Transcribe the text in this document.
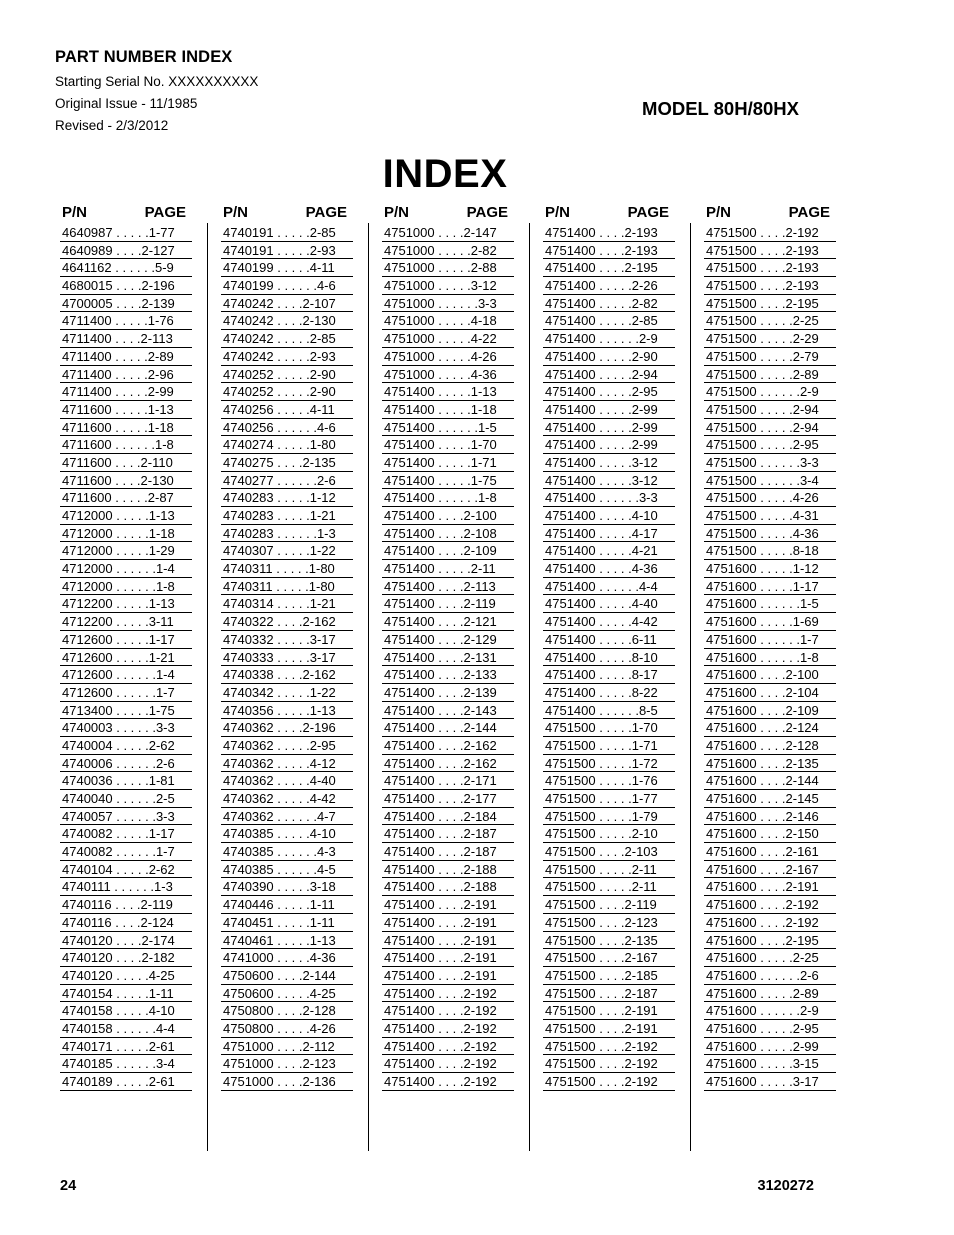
PART NUMBER INDEX
Starting Serial No. XXXXXXXXXX
Original Issue - 11/1985
Revised - 2/3/2012
MODEL 80H/80HX
INDEX
P/N	PAGE
4640987 . . . . .1-77
4640989 . . . .2-127
4641162 . . . . . .5-9
4680015 . . . .2-196
4700005 . . . .2-139
4711400 . . . . .1-76
4711400 . . . .2-113
4711400 . . . . .2-89
4711400 . . . . .2-96
4711400 . . . . .2-99
4711600 . . . . .1-13
4711600 . . . . .1-18
4711600 . . . . . .1-8
4711600 . . . .2-110
4711600 . . . .2-130
4711600 . . . . .2-87
4712000 . . . . .1-13
4712000 . . . . .1-18
4712000 . . . . .1-29
4712000 . . . . . .1-4
4712000 . . . . . .1-8
4712200 . . . . .1-13
4712200 . . . . .3-11
4712600 . . . . .1-17
4712600 . . . . .1-21
4712600 . . . . . .1-4
4712600 . . . . . .1-7
4713400 . . . . .1-75
4740003 . . . . . .3-3
4740004 . . . . .2-62
4740006 . . . . . .2-6
4740036 . . . . .1-81
4740040 . . . . . .2-5
4740057 . . . . . .3-3
4740082 . . . . .1-17
4740082 . . . . . .1-7
4740104 . . . . .2-62
4740111 . . . . . .1-3
4740116 . . . .2-119
4740116 . . . .2-124
4740120 . . . .2-174
4740120 . . . .2-182
4740120 . . . . .4-25
4740154 . . . . .1-11
4740158 . . . . .4-10
4740158 . . . . . .4-4
4740171 . . . . .2-61
4740185 . . . . . .3-4
4740189 . . . . .2-61
P/N	PAGE
4740191 . . . . .2-85
4740191 . . . . .2-93
4740199 . . . . .4-11
4740199 . . . . . .4-6
4740242 . . . .2-107
4740242 . . . .2-130
4740242 . . . . .2-85
4740242 . . . . .2-93
4740252 . . . . .2-90
4740252 . . . . .2-90
4740256 . . . . .4-11
4740256 . . . . . .4-6
4740274 . . . . .1-80
4740275 . . . .2-135
4740277 . . . . . .2-6
4740283 . . . . .1-12
4740283 . . . . .1-21
4740283 . . . . . .1-3
4740307 . . . . .1-22
4740311 . . . . .1-80
4740311 . . . . .1-80
4740314 . . . . .1-21
4740322 . . . .2-162
4740332 . . . . .3-17
4740333 . . . . .3-17
4740338 . . . .2-162
4740342 . . . . .1-22
4740356 . . . . .1-13
4740362 . . . .2-196
4740362 . . . . .2-95
4740362 . . . . .4-12
4740362 . . . . .4-40
4740362 . . . . .4-42
4740362 . . . . . .4-7
4740385 . . . . .4-10
4740385 . . . . . .4-3
4740385 . . . . . .4-5
4740390 . . . . .3-18
4740446 . . . . .1-11
4740451 . . . . .1-11
4740461 . . . . .1-13
4741000 . . . . .4-36
4750600 . . . .2-144
4750600 . . . . .4-25
4750800 . . . .2-128
4750800 . . . . .4-26
4751000 . . . .2-112
4751000 . . . .2-123
4751000 . . . .2-136
P/N	PAGE
4751000 . . . .2-147
4751000 . . . . .2-82
4751000 . . . . .2-88
4751000 . . . . .3-12
4751000 . . . . . .3-3
4751000 . . . . .4-18
4751000 . . . . .4-22
4751000 . . . . .4-26
4751000 . . . . .4-36
4751400 . . . . .1-13
4751400 . . . . .1-18
4751400 . . . . . .1-5
4751400 . . . . .1-70
4751400 . . . . .1-71
4751400 . . . . .1-75
4751400 . . . . . .1-8
4751400 . . . .2-100
4751400 . . . .2-108
4751400 . . . .2-109
4751400 . . . . .2-11
4751400 . . . .2-113
4751400 . . . .2-119
4751400 . . . .2-121
4751400 . . . .2-129
4751400 . . . .2-131
4751400 . . . .2-133
4751400 . . . .2-139
4751400 . . . .2-143
4751400 . . . .2-144
4751400 . . . .2-162
4751400 . . . .2-162
4751400 . . . .2-171
4751400 . . . .2-177
4751400 . . . .2-184
4751400 . . . .2-187
4751400 . . . .2-187
4751400 . . . .2-188
4751400 . . . .2-188
4751400 . . . .2-191
4751400 . . . .2-191
4751400 . . . .2-191
4751400 . . . .2-191
4751400 . . . .2-191
4751400 . . . .2-192
4751400 . . . .2-192
4751400 . . . .2-192
4751400 . . . .2-192
4751400 . . . .2-192
4751400 . . . .2-192
P/N	PAGE
4751400 . . . .2-193
4751400 . . . .2-193
4751400 . . . .2-195
4751400 . . . . .2-26
4751400 . . . . .2-82
4751400 . . . . .2-85
4751400 . . . . . .2-9
4751400 . . . . .2-90
4751400 . . . . .2-94
4751400 . . . . .2-95
4751400 . . . . .2-99
4751400 . . . . .2-99
4751400 . . . . .2-99
4751400 . . . . .3-12
4751400 . . . . .3-12
4751400 . . . . . .3-3
4751400 . . . . .4-10
4751400 . . . . .4-17
4751400 . . . . .4-21
4751400 . . . . .4-36
4751400 . . . . . .4-4
4751400 . . . . .4-40
4751400 . . . . .4-42
4751400 . . . . .6-11
4751400 . . . . .8-10
4751400 . . . . .8-17
4751400 . . . . .8-22
4751400 . . . . . .8-5
4751500 . . . . .1-70
4751500 . . . . .1-71
4751500 . . . . .1-72
4751500 . . . . .1-76
4751500 . . . . .1-77
4751500 . . . . .1-79
4751500 . . . . .2-10
4751500 . . . .2-103
4751500 . . . . .2-11
4751500 . . . . .2-11
4751500 . . . .2-119
4751500 . . . .2-123
4751500 . . . .2-135
4751500 . . . .2-167
4751500 . . . .2-185
4751500 . . . .2-187
4751500 . . . .2-191
4751500 . . . .2-191
4751500 . . . .2-192
4751500 . . . .2-192
4751500 . . . .2-192
P/N	PAGE
4751500 . . . .2-192
4751500 . . . .2-193
4751500 . . . .2-193
4751500 . . . .2-193
4751500 . . . .2-195
4751500 . . . . .2-25
4751500 . . . . .2-29
4751500 . . . . .2-79
4751500 . . . . .2-89
4751500 . . . . . .2-9
4751500 . . . . .2-94
4751500 . . . . .2-94
4751500 . . . . .2-95
4751500 . . . . . .3-3
4751500 . . . . . .3-4
4751500 . . . . .4-26
4751500 . . . . .4-31
4751500 . . . . .4-36
4751500 . . . . .8-18
4751600 . . . . .1-12
4751600 . . . . .1-17
4751600 . . . . . .1-5
4751600 . . . . .1-69
4751600 . . . . . .1-7
4751600 . . . . . .1-8
4751600 . . . .2-100
4751600 . . . .2-104
4751600 . . . .2-109
4751600 . . . .2-124
4751600 . . . .2-128
4751600 . . . .2-135
4751600 . . . .2-144
4751600 . . . .2-145
4751600 . . . .2-146
4751600 . . . .2-150
4751600 . . . .2-161
4751600 . . . .2-167
4751600 . . . .2-191
4751600 . . . .2-192
4751600 . . . .2-192
4751600 . . . .2-195
4751600 . . . . .2-25
4751600 . . . . . .2-6
4751600 . . . . .2-89
4751600 . . . . . .2-9
4751600 . . . . .2-95
4751600 . . . . .2-99
4751600 . . . . .3-15
4751600 . . . . .3-17
24	3120272
